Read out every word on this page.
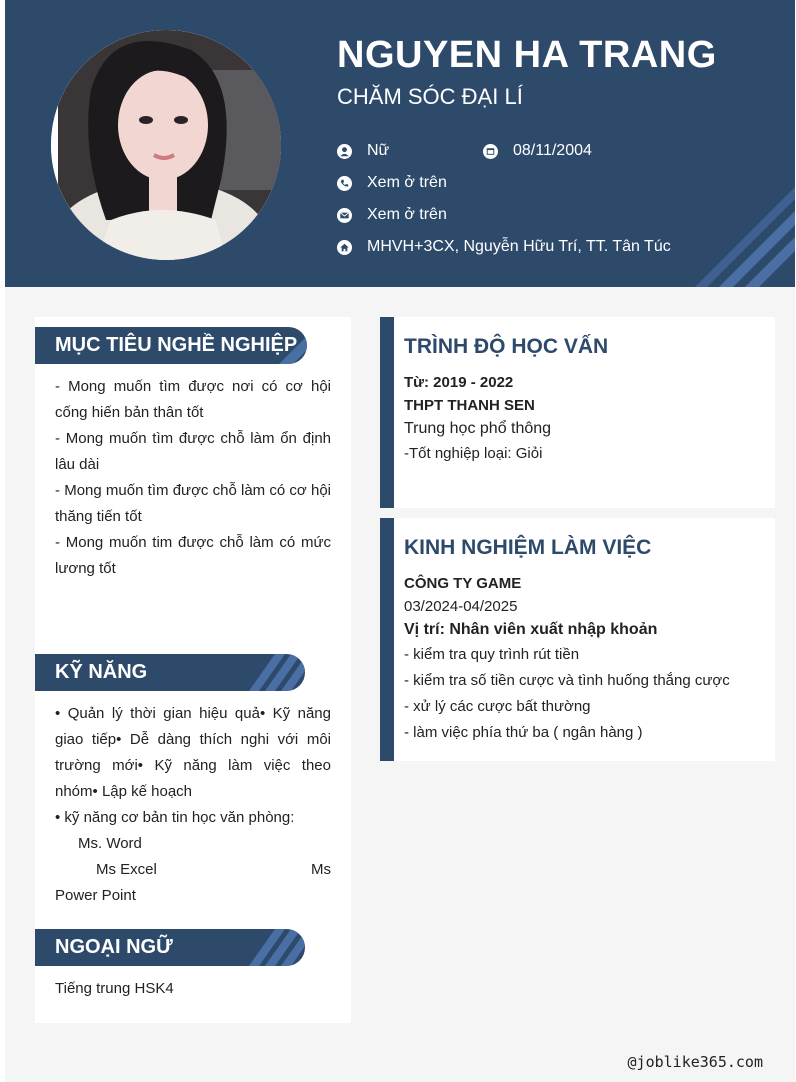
NGUYEN HA TRANG
CHĂM SÓC ĐẠI LÍ
Nữ	08/11/2004
Xem ở trên
Xem ở trên
MHVH+3CX, Nguyễn Hữu Trí, TT. Tân Túc
MỤC TIÊU NGHỀ NGHIỆP

- Mong muốn tìm được nơi có cơ hội cống hiến bản thân tốt

- Mong muốn tìm được chỗ làm ổn định lâu dài

- Mong muốn tìm được chỗ làm có cơ hội thăng tiến tốt

- Mong muốn tim được chỗ làm có mức lương tốt

KỸ NĂNG

• Quản lý thời gian hiệu quả• Kỹ năng giao tiếp• Dễ dàng thích nghi với môi trường mới• Kỹ năng làm việc theo nhóm• Lập kế hoạch

• kỹ năng cơ bản tin học văn phòng:

Ms. Word
Ms Excel	Ms
Power Point
NGOẠI NGỮ

Tiếng trung HSK4

TRÌNH ĐỘ HỌC VẤN
Từ: 2019 - 2022
THPT THANH SEN
Trung học phổ thông
-Tốt nghiệp loại: Giỏi
KINH NGHIỆM LÀM VIỆC
CÔNG TY GAME
03/2024-04/2025
Vị trí: Nhân viên xuất nhập khoản
- kiểm tra quy trình rút tiền
- kiểm tra số tiền cược và tình huống thắng cược
- xử lý các cược bất thường
- làm việc phía thứ ba ( ngân hàng )
@joblike365.com
